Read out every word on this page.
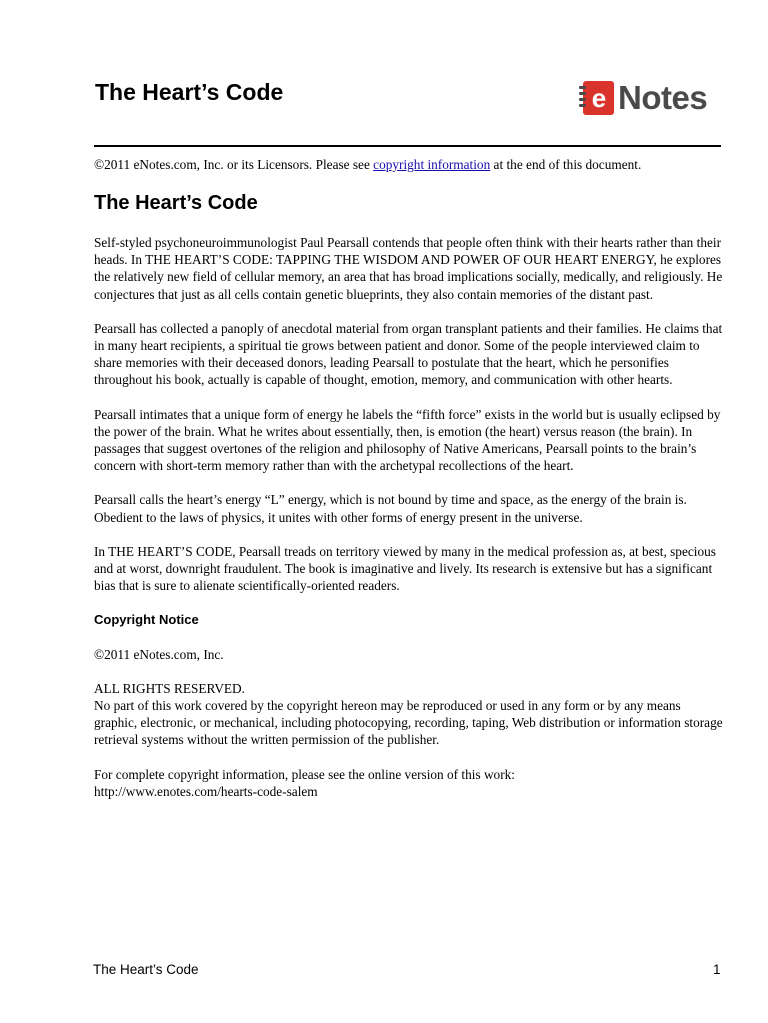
The Heart’s Code	e Notes
©2011 eNotes.com, Inc. or its Licensors. Please see copyright information at the end of this document.
The Heart’s Code

Self-styled psychoneuroimmunologist Paul Pearsall contends that people often think with their hearts rather than their heads. In THE HEART’S CODE: TAPPING THE WISDOM AND POWER OF OUR HEART ENERGY, he explores the relatively new field of cellular memory, an area that has broad implications socially, medically, and religiously. He conjectures that just as all cells contain genetic blueprints, they also contain memories of the distant past.

Pearsall has collected a panoply of anecdotal material from organ transplant patients and their families. He claims that in many heart recipients, a spiritual tie grows between patient and donor. Some of the people interviewed claim to share memories with their deceased donors, leading Pearsall to postulate that the heart, which he personifies throughout his book, actually is capable of thought, emotion, memory, and communication with other hearts.

Pearsall intimates that a unique form of energy he labels the “fifth force” exists in the world but is usually eclipsed by the power of the brain. What he writes about essentially, then, is emotion (the heart) versus reason (the brain). In passages that suggest overtones of the religion and philosophy of Native Americans, Pearsall points to the brain’s concern with short-term memory rather than with the archetypal recollections of the heart.

Pearsall calls the heart’s energy “L” energy, which is not bound by time and space, as the energy of the brain is. Obedient to the laws of physics, it unites with other forms of energy present in the universe.

In THE HEART’S CODE, Pearsall treads on territory viewed by many in the medical profession as, at best, specious and at worst, downright fraudulent. The book is imaginative and lively. Its research is extensive but has a significant bias that is sure to alienate scientifically-oriented readers.

Copyright Notice

©2011 eNotes.com, Inc.

ALL RIGHTS RESERVED.
No part of this work covered by the copyright hereon may be reproduced or used in any form or by any means graphic, electronic, or mechanical, including photocopying, recording, taping, Web distribution or information storage retrieval systems without the written permission of the publisher.

For complete copyright information, please see the online version of this work:
http://www.enotes.com/hearts-code-salem

The Heart’s Code	1
